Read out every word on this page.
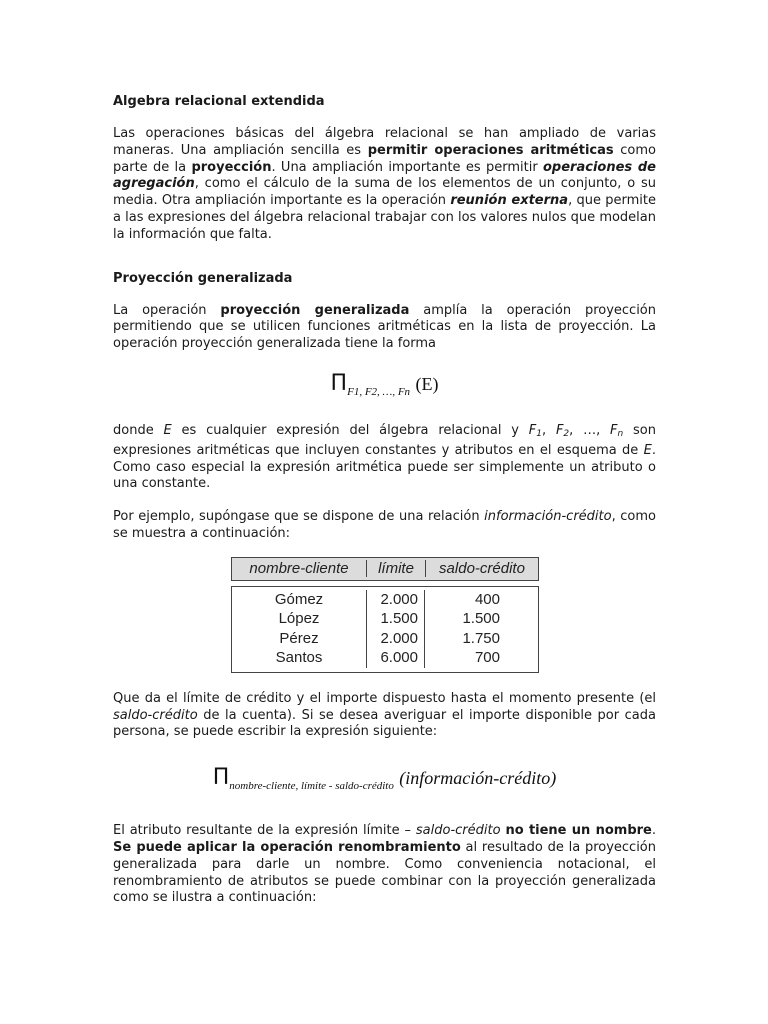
Algebra relacional extendida

Las operaciones básicas del álgebra relacional se han ampliado de varias maneras. Una ampliación sencilla es permitir operaciones aritméticas como parte de la proyección. Una ampliación importante es permitir operaciones de agregación, como el cálculo de la suma de los elementos de un conjunto, o su media. Otra ampliación importante es la operación reunión externa, que permite a las expresiones del álgebra relacional trabajar con los valores nulos que modelan la información que falta.

Proyección generalizada

La operación proyección generalizada amplía la operación proyección permitiendo que se utilicen funciones aritméticas en la lista de proyección. La operación proyección generalizada tiene la forma

$\Pi_{F1, F2, \dots, Fn}$ (E)

donde E es cualquier expresión del álgebra relacional y $F_1$, $F_2$, …, $F_n$ son expresiones aritméticas que incluyen constantes y atributos en el esquema de E. Como caso especial la expresión aritmética puede ser simplemente un atributo o una constante.

Por ejemplo, supóngase que se dispone de una relación información-crédito, como se muestra a continuación:

nombre-cliente	límite	saldo-crédito
Gómez
López
Pérez
Santos
2.000
1.500
2.000
6.000
400
1.500
1.750
700

Que da el límite de crédito y el importe dispuesto hasta el momento presente (el saldo-crédito de la cuenta). Si se desea averiguar el importe disponible por cada persona, se puede escribir la expresión siguiente:

$\Pi_{nombre-cliente, límite - saldo-crédito}$ (información-crédito)

El atributo resultante de la expresión límite – saldo-crédito no tiene un nombre. Se puede aplicar la operación renombramiento al resultado de la proyección generalizada para darle un nombre. Como conveniencia notacional, el renombramiento de atributos se puede combinar con la proyección generalizada como se ilustra a continuación:
